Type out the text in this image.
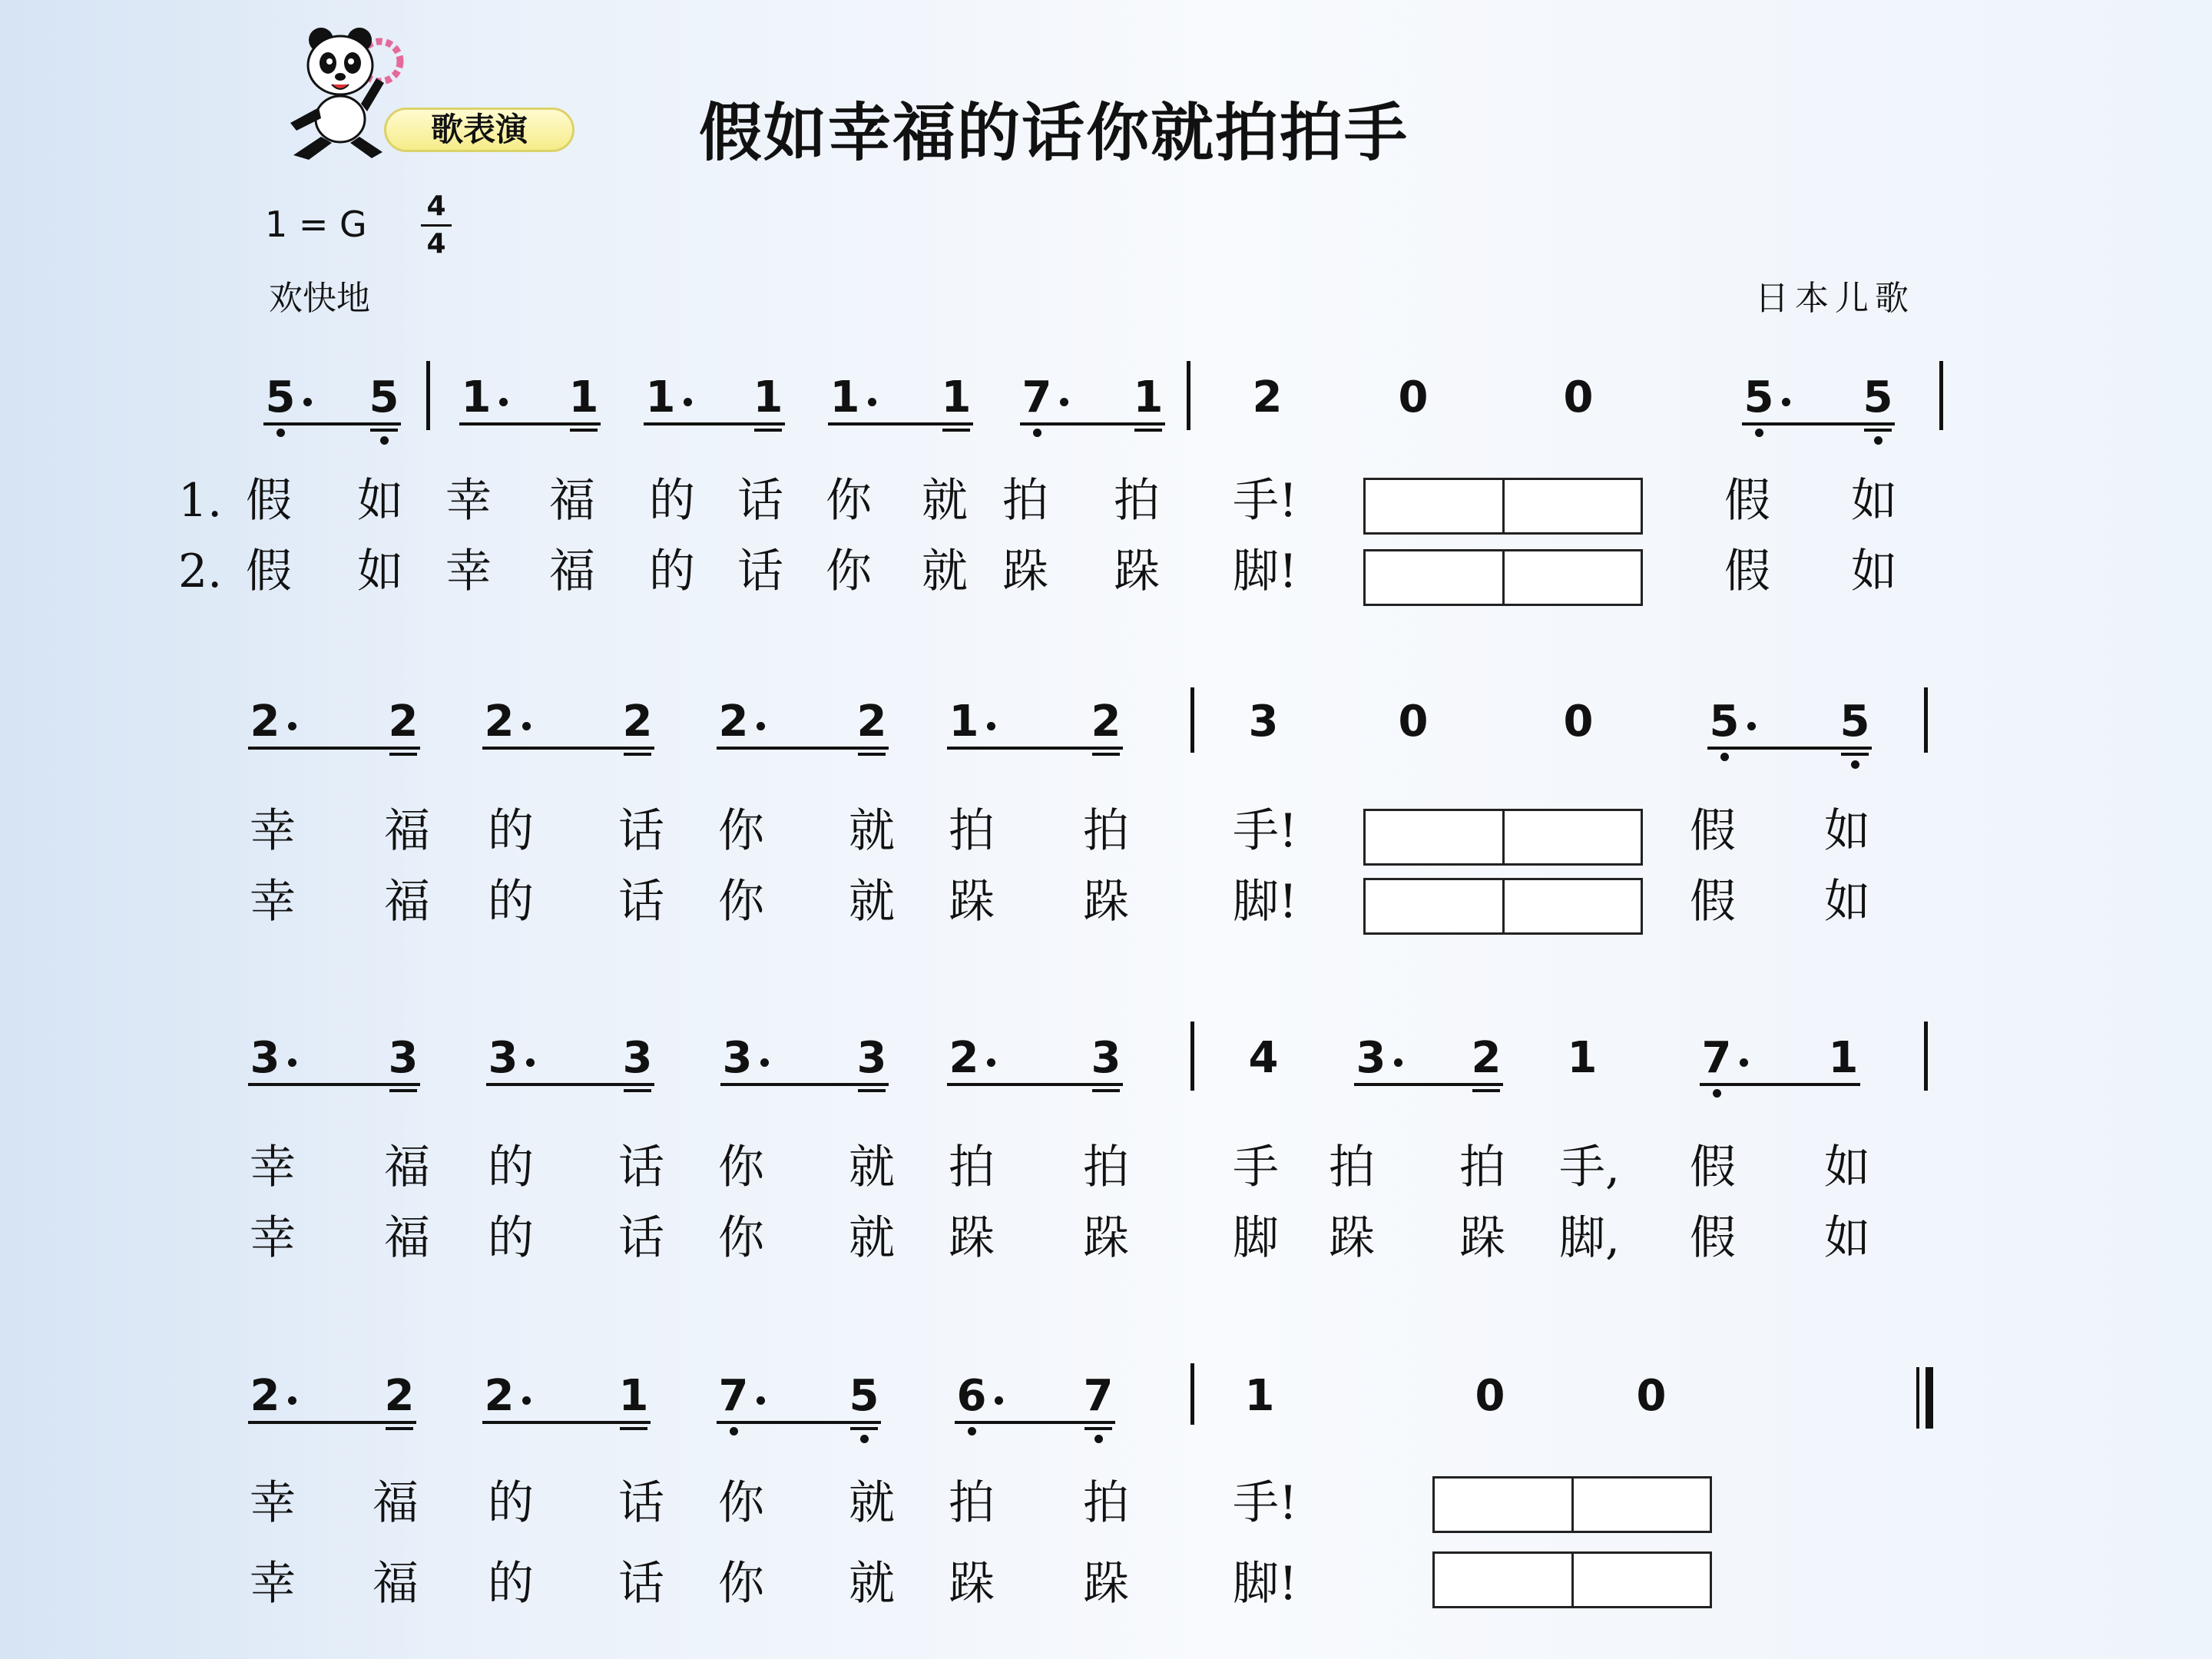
歌表演	假如幸福的话你就拍拍手
1 = G 4
4
欢快地	日本儿歌
5 5 1 1 1 1 1 1 7 1 2	0	0	5 5
1.
2.
假 如 幸 福 的 话 你 就 拍 拍 手!	假 如
假 如 幸 福 的 话 你 就 跺 跺 脚!	假 如
2	2 2	2 2	2 1	2	3	0	0	5 5
幸 福 的 话 你 就 拍 拍 手!	假 如
幸 福 的 话 你 就 跺 跺 脚!	假 如
3	3 3 3 3 3 2	3	4 3 2 1 7 1
幸 福 的 话 你 就 拍 拍 手 拍 拍 手, 假 如
幸 福 的 话 你 就 跺 跺 脚 跺 跺 脚, 假 如
2 2 2 1 7 5 6 7	1	0	0
幸 福 的 话 你 就 拍 拍 手!
幸 福 的 话 你 就 跺 跺 脚!
